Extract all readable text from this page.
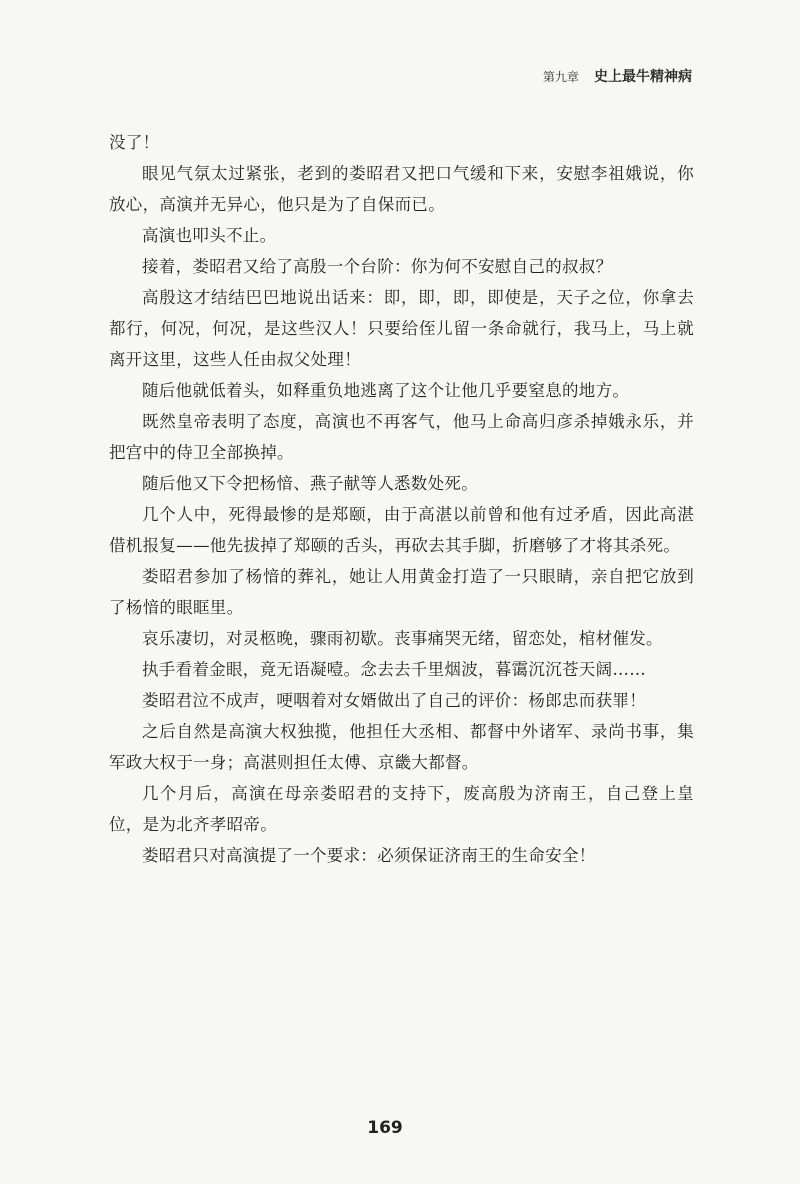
第九章 史上最牛精神病

没了！

眼见气氛太过紧张，老到的娄昭君又把口气缓和下来，安慰李祖娥说，你放心，高演并无异心，他只是为了自保而已。

高演也叩头不止。

接着，娄昭君又给了高殷一个台阶：你为何不安慰自己的叔叔？

高殷这才结结巴巴地说出话来：即，即，即，即使是，天子之位，你拿去都行，何况，何况，是这些汉人！只要给侄儿留一条命就行，我马上，马上就离开这里，这些人任由叔父处理！

随后他就低着头，如释重负地逃离了这个让他几乎要窒息的地方。

既然皇帝表明了态度，高演也不再客气，他马上命高归彦杀掉娥永乐，并把宫中的侍卫全部换掉。

随后他又下令把杨愔、燕子献等人悉数处死。

几个人中，死得最惨的是郑颐，由于高湛以前曾和他有过矛盾，因此高湛借机报复——他先拔掉了郑颐的舌头，再砍去其手脚，折磨够了才将其杀死。

娄昭君参加了杨愔的葬礼，她让人用黄金打造了一只眼睛，亲自把它放到了杨愔的眼眶里。

哀乐凄切，对灵柩晚，骤雨初歇。丧事痛哭无绪，留恋处，棺材催发。

执手看着金眼，竟无语凝噎。念去去千里烟波，暮霭沉沉苍天阔……

娄昭君泣不成声，哽咽着对女婿做出了自己的评价：杨郎忠而获罪！

之后自然是高演大权独揽，他担任大丞相、都督中外诸军、录尚书事，集军政大权于一身；高湛则担任太傅、京畿大都督。

几个月后，高演在母亲娄昭君的支持下，废高殷为济南王，自己登上皇位，是为北齐孝昭帝。

娄昭君只对高演提了一个要求：必须保证济南王的生命安全！

169
